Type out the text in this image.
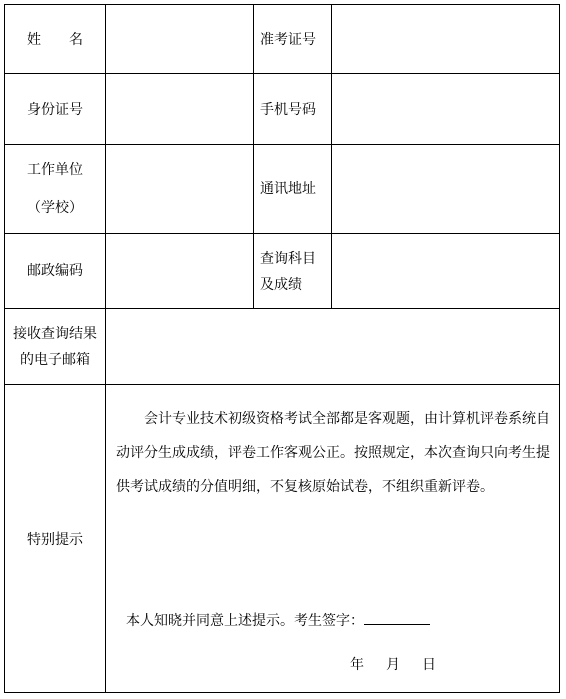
姓　　名	准考证号
身份证号	手机号码
工作单位
（学校）
通讯地址
邮政编码
查询科目
及成绩
接收查询结果
的电子邮箱
特别提示
会计专业技术初级资格考试全部都是客观题，由计算机评卷系统自
动评分生成成绩，评卷工作客观公正。按照规定，本次查询只向考生提
供考试成绩的分值明细，不复核原始试卷，不组织重新评卷。
本人知晓并同意上述提示。考生签字：
年 月 日
